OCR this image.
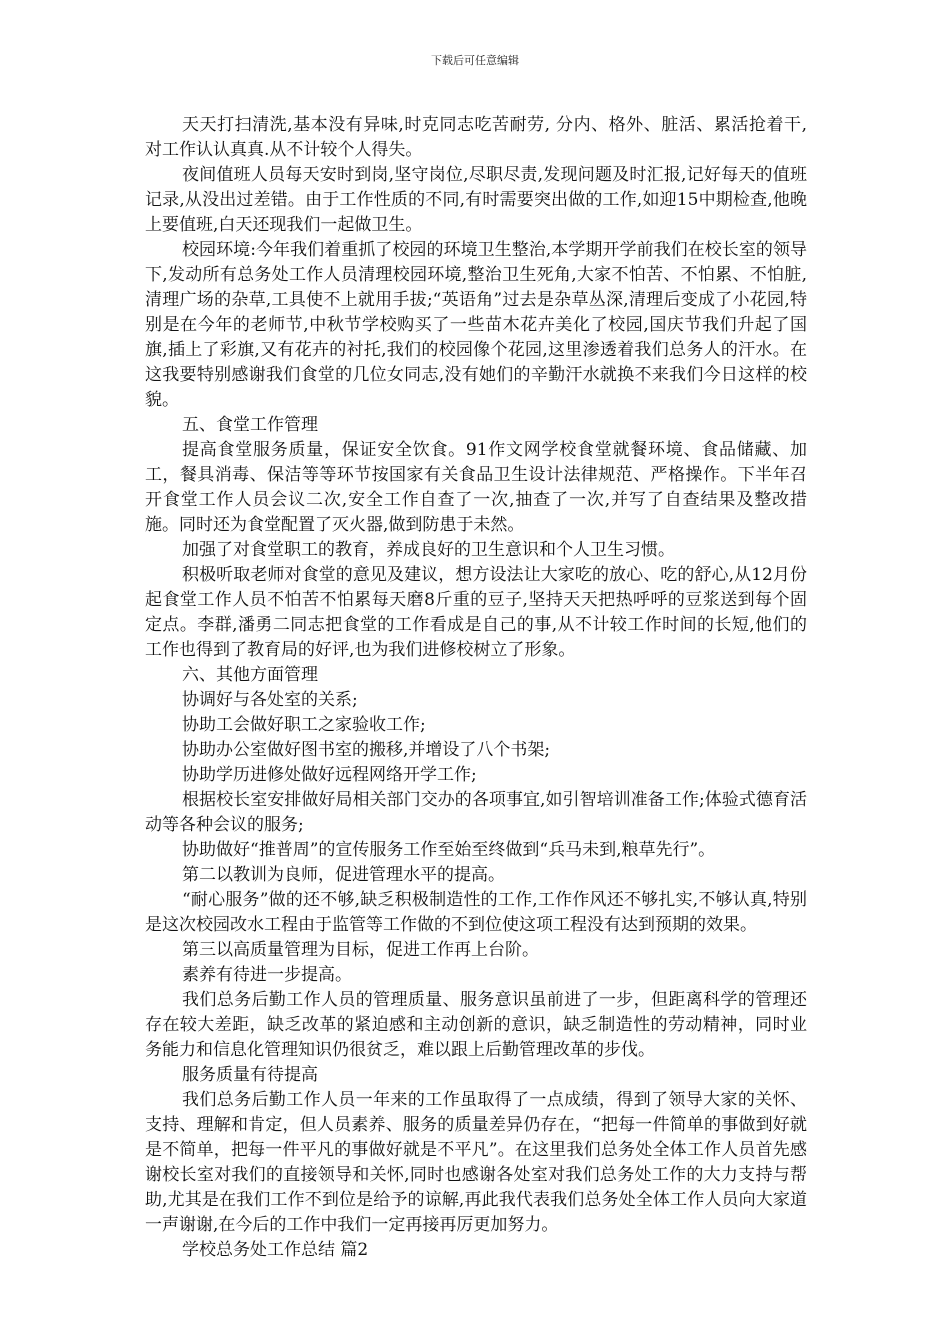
下载后可任意编辑

天天打扫清洗,基本没有异味,时克同志吃苦耐劳, 分内、格外、脏活、累活抢着干, 对工作认认真真.从不计较个人得失。

夜间值班人员每天安时到岗,坚守岗位,尽职尽责,发现问题及时汇报,记好每天的值班记录,从没出过差错。由于工作性质的不同,有时需要突出做的工作,如迎15中期检查,他晚上要值班,白天还现我们一起做卫生。

校园环境:今年我们着重抓了校园的环境卫生整治,本学期开学前我们在校长室的领导下,发动所有总务处工作人员清理校园环境,整治卫生死角,大家不怕苦、不怕累、不怕脏,清理广场的杂草,工具使不上就用手拔;“英语角”过去是杂草丛深,清理后变成了小花园,特别是在今年的老师节,中秋节学校购买了一些苗木花卉美化了校园,国庆节我们升起了国旗,插上了彩旗,又有花卉的衬托,我们的校园像个花园,这里渗透着我们总务人的汗水。在这我要特别感谢我们食堂的几位女同志,没有她们的辛勤汗水就换不来我们今日这样的校貌。

五、食堂工作管理

提高食堂服务质量，保证安全饮食。91作文网学校食堂就餐环境、食品储藏、加工，餐具消毒、保洁等等环节按国家有关食品卫生设计法律规范、严格操作。下半年召开食堂工作人员会议二次,安全工作自查了一次,抽查了一次,并写了自查结果及整改措施。同时还为食堂配置了灭火器,做到防患于未然。

加强了对食堂职工的教育，养成良好的卫生意识和个人卫生习惯。

积极听取老师对食堂的意见及建议，想方设法让大家吃的放心、吃的舒心,从12月份起食堂工作人员不怕苦不怕累每天磨8斤重的豆子,坚持天天把热呼呼的豆浆送到每个固定点。李群,潘勇二同志把食堂的工作看成是自己的事,从不计较工作时间的长短,他们的工作也得到了教育局的好评,也为我们进修校树立了形象。

六、其他方面管理

协调好与各处室的关系;

协助工会做好职工之家验收工作;

协助办公室做好图书室的搬移,并增设了八个书架;

协助学历进修处做好远程网络开学工作;

根据校长室安排做好局相关部门交办的各项事宜,如引智培训准备工作;体验式德育活动等各种会议的服务;

协助做好“推普周”的宣传服务工作至始至终做到“兵马未到,粮草先行”。

第二以教训为良师，促进管理水平的提高。

“耐心服务”做的还不够,缺乏积极制造性的工作,工作作风还不够扎实,不够认真,特别是这次校园改水工程由于监管等工作做的不到位使这项工程没有达到预期的效果。

第三以高质量管理为目标，促进工作再上台阶。

素养有待进一步提高。

我们总务后勤工作人员的管理质量、服务意识虽前进了一步，但距离科学的管理还存在较大差距，缺乏改革的紧迫感和主动创新的意识，缺乏制造性的劳动精神，同时业务能力和信息化管理知识仍很贫乏，难以跟上后勤管理改革的步伐。

服务质量有待提高

我们总务后勤工作人员一年来的工作虽取得了一点成绩，得到了领导大家的关怀、支持、理解和肯定，但人员素养、服务的质量差异仍存在，“把每一件简单的事做到好就是不简单，把每一件平凡的事做好就是不平凡”。在这里我们总务处全体工作人员首先感谢校长室对我们的直接领导和关怀,同时也感谢各处室对我们总务处工作的大力支持与帮助,尤其是在我们工作不到位是给予的谅解,再此我代表我们总务处全体工作人员向大家道一声谢谢,在今后的工作中我们一定再接再厉更加努力。

学校总务处工作总结 篇2
